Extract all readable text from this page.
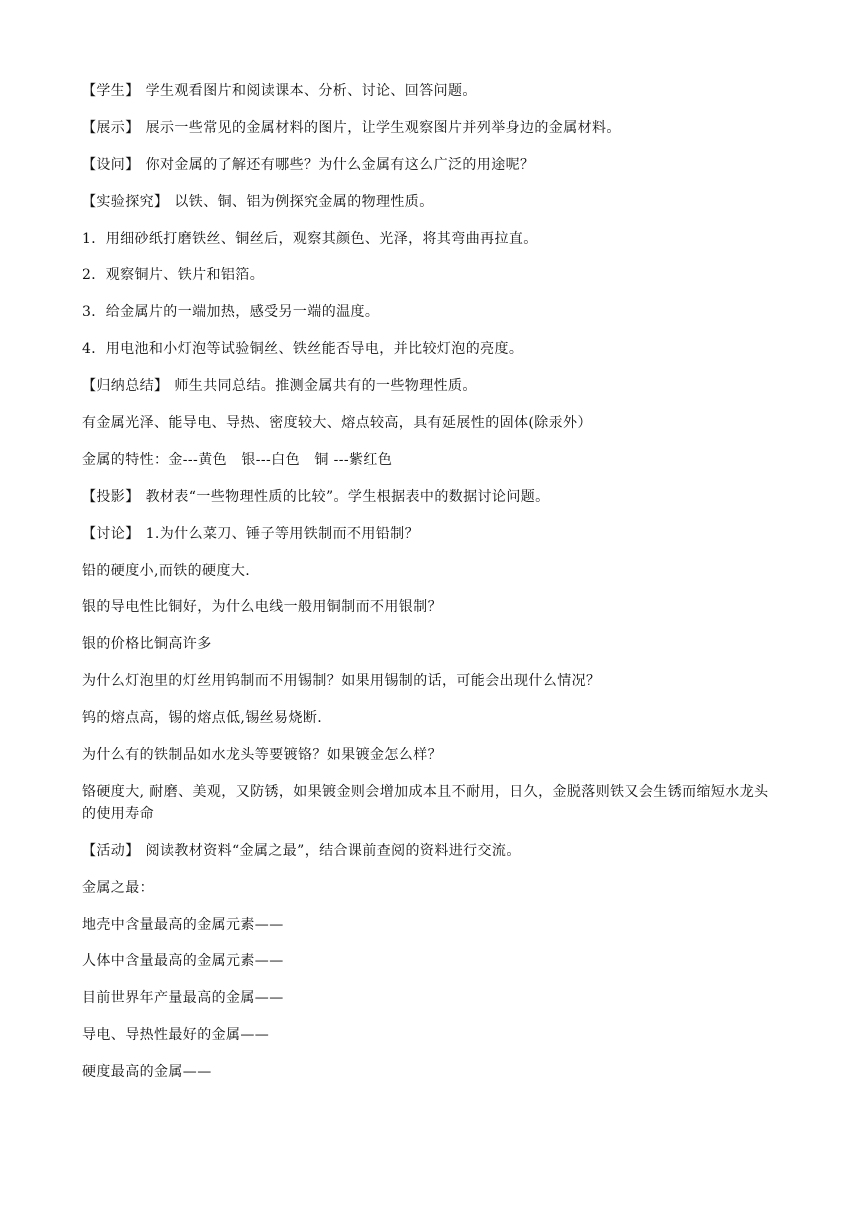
【学生】 学生观看图片和阅读课本、分析、讨论、回答问题。
【展示】 展示一些常见的金属材料的图片，让学生观察图片并列举身边的金属材料。
【设问】 你对金属的了解还有哪些？为什么金属有这么广泛的用途呢？
【实验探究】 以铁、铜、铝为例探究金属的物理性质。
1．用细砂纸打磨铁丝、铜丝后，观察其颜色、光泽，将其弯曲再拉直。
2．观察铜片、铁片和铝箔。
3．给金属片的一端加热，感受另一端的温度。
4．用电池和小灯泡等试验铜丝、铁丝能否导电，并比较灯泡的亮度。
【归纳总结】 师生共同总结。推测金属共有的一些物理性质。
有金属光泽、能导电、导热、密度较大、熔点较高，具有延展性的固体(除汞外）
金属的特性：金---黄色　银---白色　铜 ---紫红色
【投影】 教材表“一些物理性质的比较”。学生根据表中的数据讨论问题。
【讨论】 1.为什么菜刀、锤子等用铁制而不用铅制？
铅的硬度小,而铁的硬度大.
银的导电性比铜好，为什么电线一般用铜制而不用银制？
银的价格比铜高许多
为什么灯泡里的灯丝用钨制而不用锡制？如果用锡制的话，可能会出现什么情况？
钨的熔点高，锡的熔点低,锡丝易烧断.
为什么有的铁制品如水龙头等要镀铬？如果镀金怎么样？
铬硬度大, 耐磨、美观，又防锈，如果镀金则会增加成本且不耐用，日久，金脱落则铁又会生锈而缩短水龙头的使用寿命
【活动】 阅读教材资料“金属之最”，结合课前查阅的资料进行交流。
金属之最：
地壳中含量最高的金属元素——
人体中含量最高的金属元素——
目前世界年产量最高的金属——
导电、导热性最好的金属——
硬度最高的金属——
